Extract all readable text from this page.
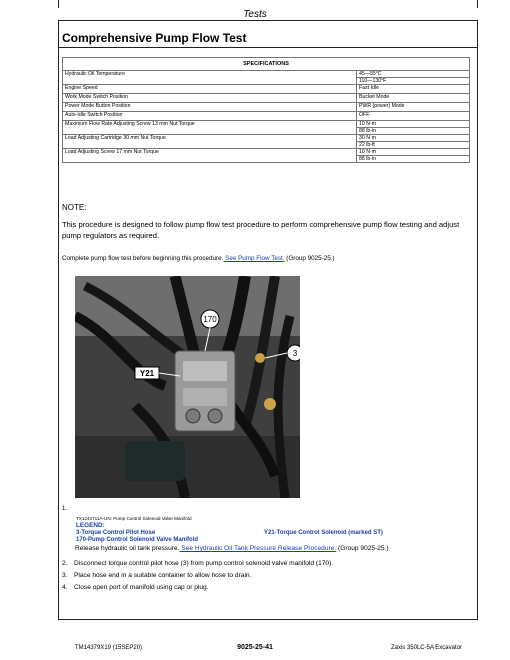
Tests
Comprehensive Pump Flow Test
SPECIFICATIONS	
Hydraulic Oil Temperature	45—55°C
110—130°F

Engine Speed	Fast Idle
Work Mode Switch Position	Bucket Mode
Power Mode Button Position	PWR (power) Mode
Auto-Idle Switch Position	OFF
Maximum Flow Rate Adjusting Screw 13 mm Nut Torque	10 N·m
88 lb-in

Load Adjusting Cartridge 30 mm Nut Torque	30 N·m
22 lb-ft

Load Adjusting Screw 17 mm Nut Torque	10 N·m
88 lb-in
NOTE:
This procedure is designed to follow pump flow test procedure to perform comprehensive pump flow testing and adjust pump regulators as required.
Complete pump flow test before beginning this procedure. See Pump Flow Test. (Group 9025-25.)
170
3
Y21
1.
TX1244711A-UN: Pump Control Solenoid Valve Manifold
LEGEND:
3-Torque Control Pilot Hose	Y21-Torque Control Solenoid (marked ST)
170-Pump Control Solenoid Valve Manifold
Release hydraulic oil tank pressure. See Hydraulic Oil Tank Pressure Release Procedure. (Group 9025-25.)
2. Disconnect torque control pilot hose (3) from pump control solenoid valve manifold (170).
3. Place hose end in a suitable container to allow hose to drain.
4. Close open port of manifold using cap or plug.
TM14379X19 (15SEP20)	9025-25-41	Zaxis 350LC-5A Excavator
